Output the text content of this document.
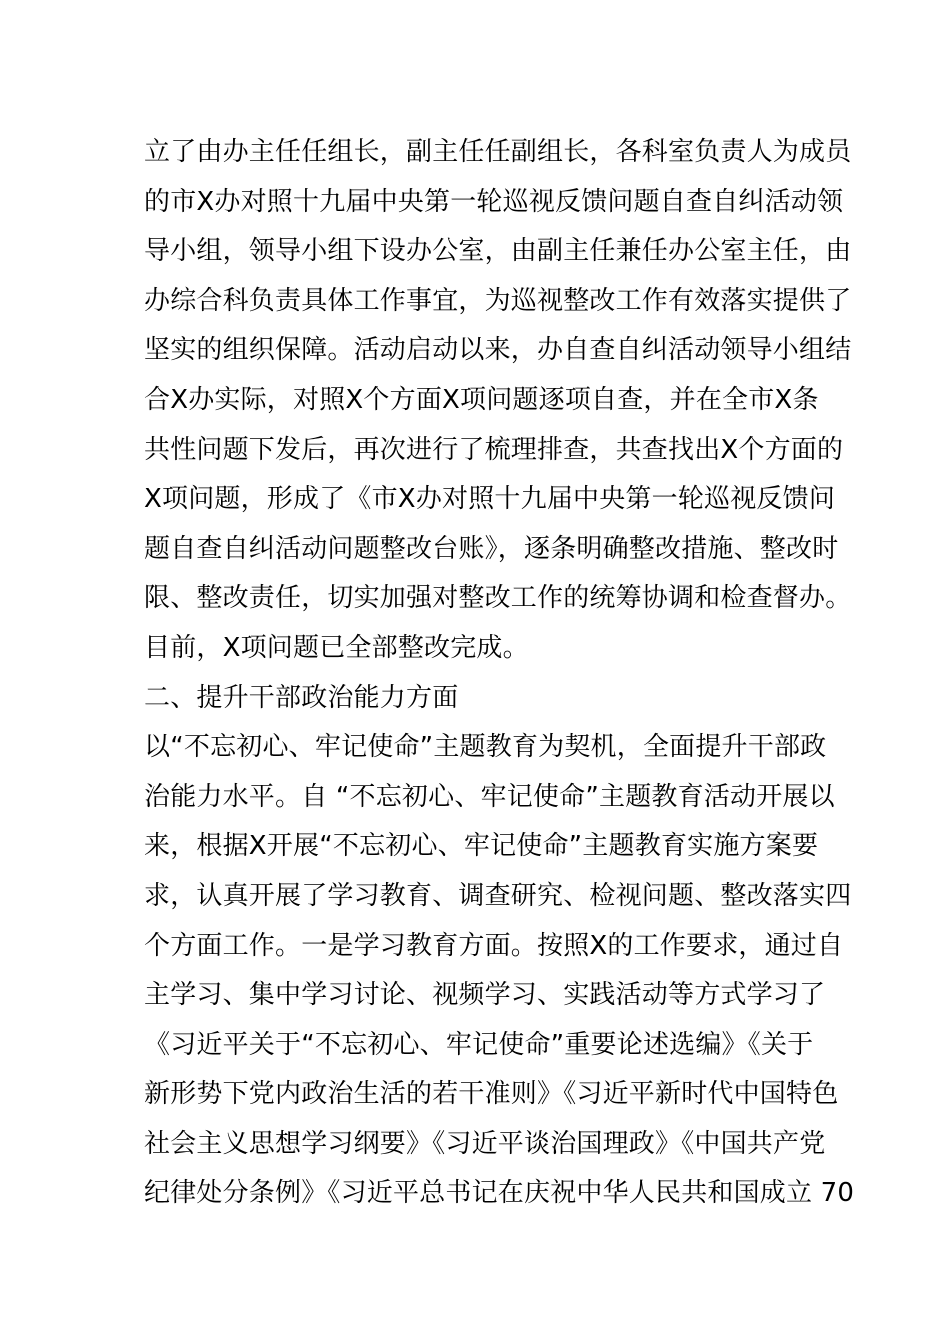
立了由办主任任组长，副主任任副组长，各科室负责人为成员
的市X办对照十九届中央第一轮巡视反馈问题自查自纠活动领
导小组，领导小组下设办公室，由副主任兼任办公室主任，由
办综合科负责具体工作事宜，为巡视整改工作有效落实提供了
坚实的组织保障。活动启动以来，办自查自纠活动领导小组结
合X办实际，对照X个方面X项问题逐项自查，并在全市X条
共性问题下发后，再次进行了梳理排查，共查找出X个方面的
X项问题，形成了《市X办对照十九届中央第一轮巡视反馈问
题自查自纠活动问题整改台账》，逐条明确整改措施、整改时
限、整改责任，切实加强对整改工作的统筹协调和检查督办。
目前，X项问题已全部整改完成。
二、提升干部政治能力方面
以“不忘初心、牢记使命”主题教育为契机，全面提升干部政
治能力水平。自 “不忘初心、牢记使命”主题教育活动开展以
来，根据X开展“不忘初心、牢记使命”主题教育实施方案要
求，认真开展了学习教育、调查研究、检视问题、整改落实四
个方面工作。一是学习教育方面。按照X的工作要求，通过自
主学习、集中学习讨论、视频学习、实践活动等方式学习了
《习近平关于“不忘初心、牢记使命”重要论述选编》《关于
新形势下党内政治生活的若干准则》《习近平新时代中国特色
社会主义思想学习纲要》《习近平谈治国理政》《中国共产党
纪律处分条例》《习近平总书记在庆祝中华人民共和国成立 70
